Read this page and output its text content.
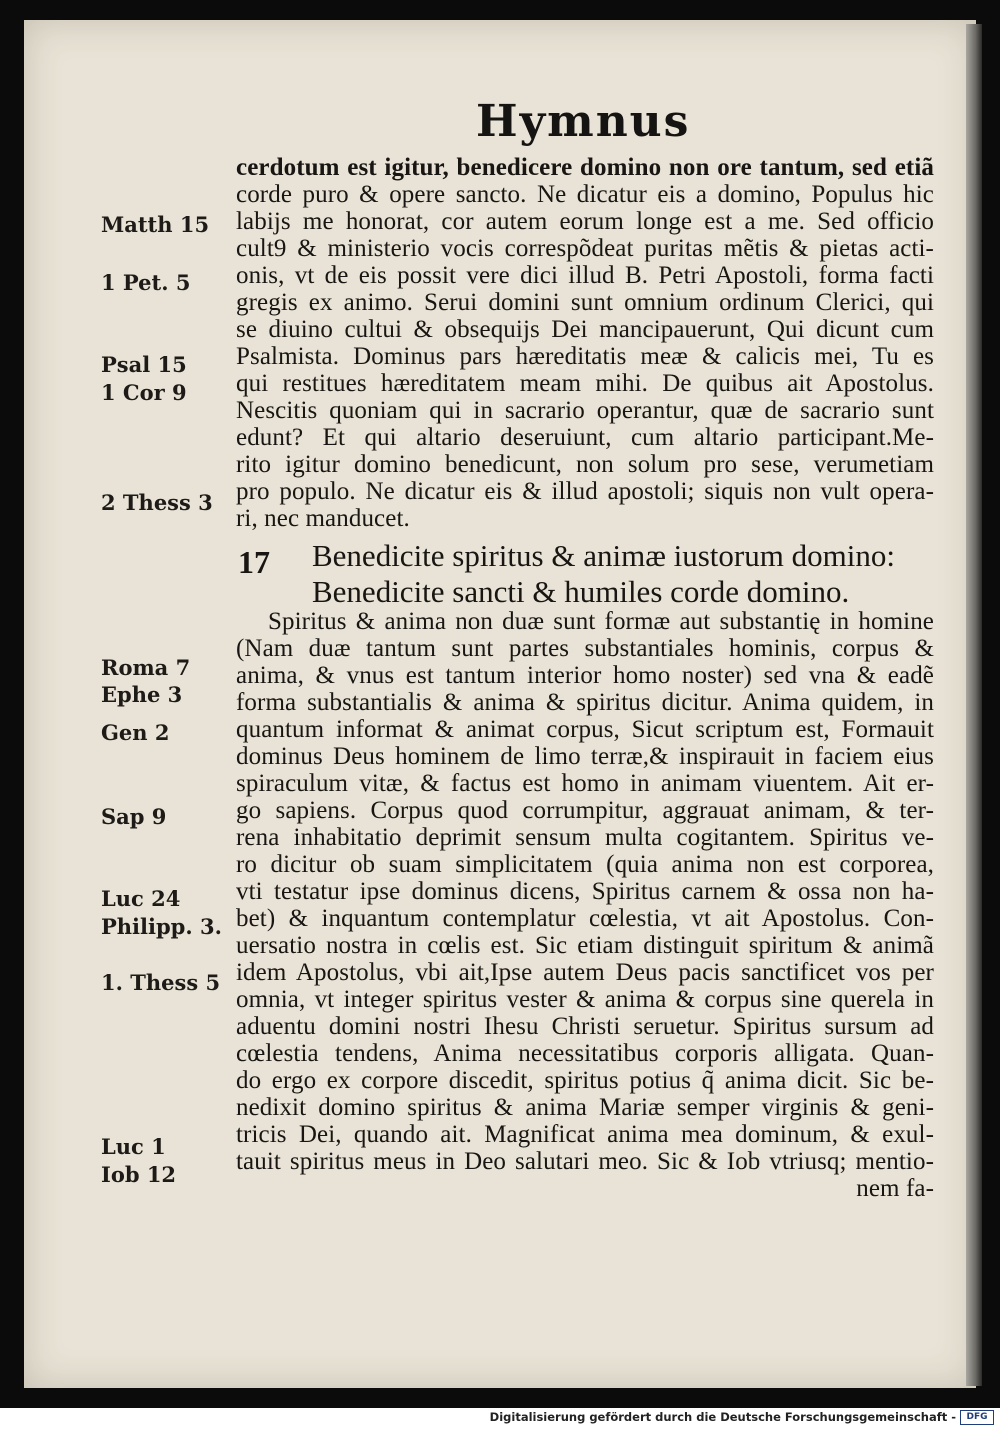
Hymnus
Matth 15
1 Pet. 5
Psal 15
1 Cor 9
2 Thess 3
Roma 7
Ephe 3
Gen 2
Sap 9
Luc 24
Philipp. 3.
1. Thess 5
Luc 1
Iob 12
cerdotum est igitur, benedicere domino non ore tantum, sed etiã
corde puro & opere sancto. Ne dicatur eis a domino, Populus hic
labijs me honorat, cor autem eorum longe est a me. Sed officio
cult9 & ministerio vocis correspõdeat puritas mẽtis & pietas acti-
onis, vt de eis possit vere dici illud B. Petri Apostoli, forma facti
gregis ex animo. Serui domini sunt omnium ordinum Clerici, qui
se diuino cultui & obsequijs Dei mancipauerunt, Qui dicunt cum
Psalmista. Dominus pars hæreditatis meæ & calicis mei, Tu es
qui restitues hæreditatem meam mihi. De quibus ait Apostolus.
Nescitis quoniam qui in sacrario operantur, quæ de sacrario sunt
edunt? Et qui altario deseruiunt, cum altario participant.Me-
rito igitur domino benedicunt, non solum pro sese, verumetiam
pro populo. Ne dicatur eis & illud apostoli; siquis non vult opera-
ri, nec manducet.
17 Benedicite spiritus & animæ iustorum domino:
Benedicite sancti & humiles corde domino.
Spiritus & anima non duæ sunt formæ aut substantię in homine
(Nam duæ tantum sunt partes substantiales hominis, corpus &
anima, & vnus est tantum interior homo noster) sed vna & eadẽ
forma substantialis & anima & spiritus dicitur. Anima quidem, in
quantum informat & animat corpus, Sicut scriptum est, Formauit
dominus Deus hominem de limo terræ,& inspirauit in faciem eius
spiraculum vitæ, & factus est homo in animam viuentem. Ait er-
go sapiens. Corpus quod corrumpitur, aggrauat animam, & ter-
rena inhabitatio deprimit sensum multa cogitantem. Spiritus ve-
ro dicitur ob suam simplicitatem (quia anima non est corporea,
vti testatur ipse dominus dicens, Spiritus carnem & ossa non ha-
bet) & inquantum contemplatur cœlestia, vt ait Apostolus. Con-
uersatio nostra in cœlis est. Sic etiam distinguit spiritum & animã
idem Apostolus, vbi ait,Ipse autem Deus pacis sanctificet vos per
omnia, vt integer spiritus vester & anima & corpus sine querela in
aduentu domini nostri Ihesu Christi seruetur. Spiritus sursum ad
cœlestia tendens, Anima necessitatibus corporis alligata. Quan-
do ergo ex corpore discedit, spiritus potius q̃ anima dicit. Sic be-
nedixit domino spiritus & anima Mariæ semper virginis & geni-
tricis Dei, quando ait. Magnificat anima mea dominum, & exul-
tauit spiritus meus in Deo salutari meo. Sic & Iob vtriusq; mentio-
nem fa-
Digitalisierung gefördert durch die Deutsche Forschungsgemeinschaft -	DFG
